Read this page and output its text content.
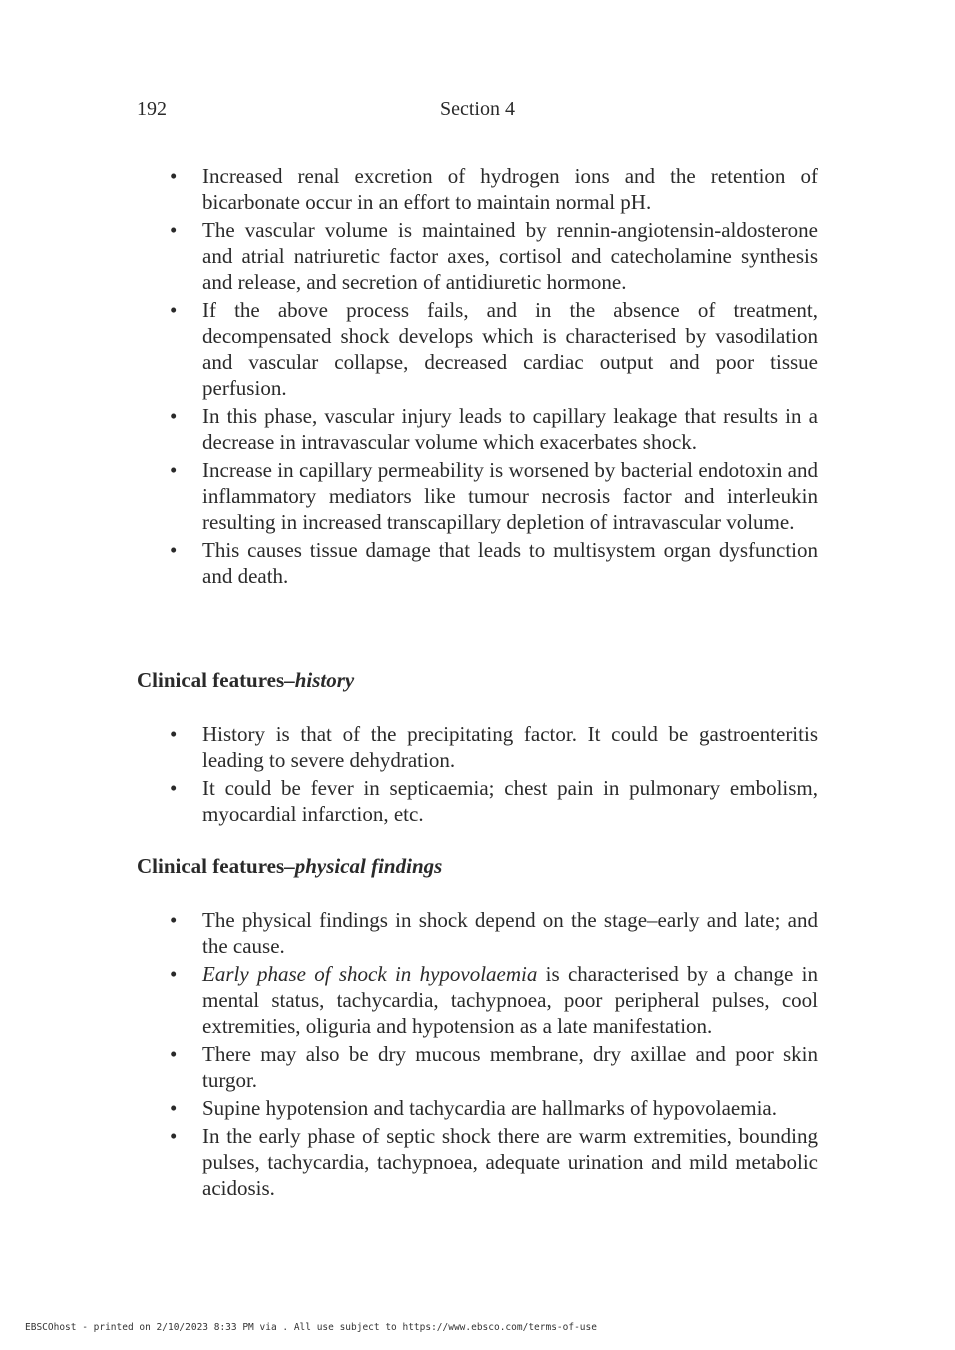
192	Section 4
• Increased renal excretion of hydrogen ions and the retention of bicarbonate occur in an effort to maintain normal pH.
• The vascular volume is maintained by rennin-angiotensin-aldosterone and atrial natriuretic factor axes, cortisol and catecholamine synthesis and release, and secretion of antidiuretic hormone.
• If the above process fails, and in the absence of treatment, decompensated shock develops which is characterised by vasodilation and vascular collapse, decreased cardiac output and poor tissue perfusion.
• In this phase, vascular injury leads to capillary leakage that results in a decrease in intravascular volume which exacerbates shock.
• Increase in capillary permeability is worsened by bacterial endotoxin and inflammatory mediators like tumour necrosis factor and interleukin resulting in increased transcapillary depletion of intravascular volume.
• This causes tissue damage that leads to multisystem organ dysfunction and death.
Clinical features–history
• History is that of the precipitating factor. It could be gastroenteritis leading to severe dehydration.
• It could be fever in septicaemia; chest pain in pulmonary embolism, myocardial infarction, etc.
Clinical features–physical findings
• The physical findings in shock depend on the stage–early and late; and the cause.
• Early phase of shock in hypovolaemia is characterised by a change in mental status, tachycardia, tachypnoea, poor peripheral pulses, cool extremities, oliguria and hypotension as a late manifestation.
• There may also be dry mucous membrane, dry axillae and poor skin turgor.
• Supine hypotension and tachycardia are hallmarks of hypovolaemia.
• In the early phase of septic shock there are warm extremities, bounding pulses, tachycardia, tachypnoea, adequate urination and mild metabolic acidosis.
EBSCOhost - printed on 2/10/2023 8:33 PM via . All use subject to https://www.ebsco.com/terms-of-use
